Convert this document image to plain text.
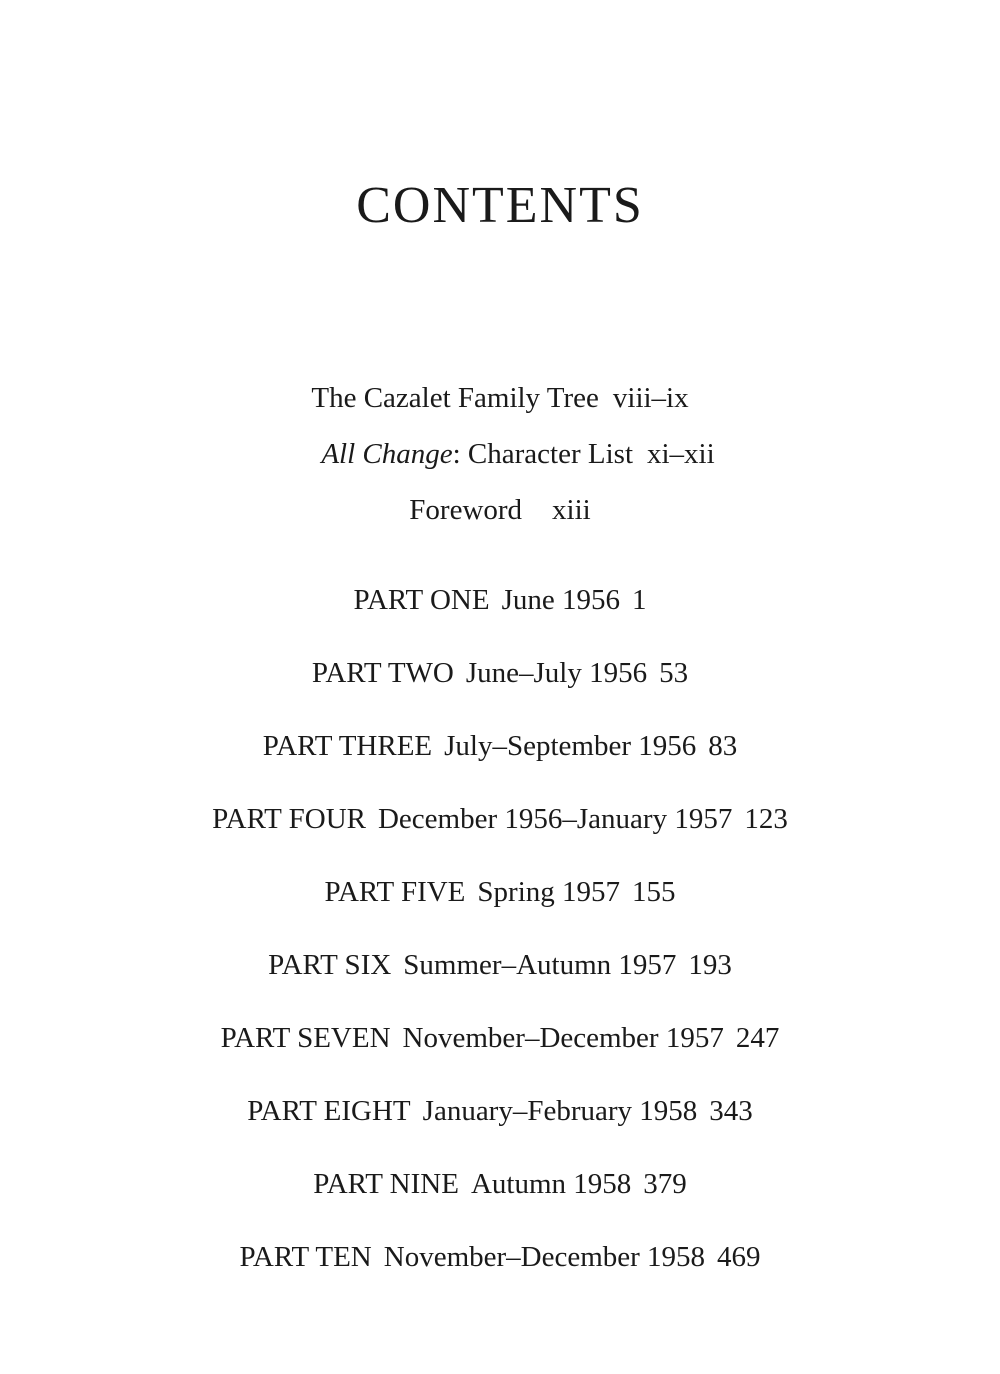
CONTENTS
The Cazalet Family Tree viii–ix
All Change: Character List xi–xii
Foreword xiii
PART ONE June 1956 1
PART TWO June–July 1956 53
PART THREE July–September 1956 83
PART FOUR December 1956–January 1957 123
PART FIVE Spring 1957 155
PART SIX Summer–Autumn 1957 193
PART SEVEN November–December 1957 247
PART EIGHT January–February 1958 343
PART NINE Autumn 1958 379
PART TEN November–December 1958 469
